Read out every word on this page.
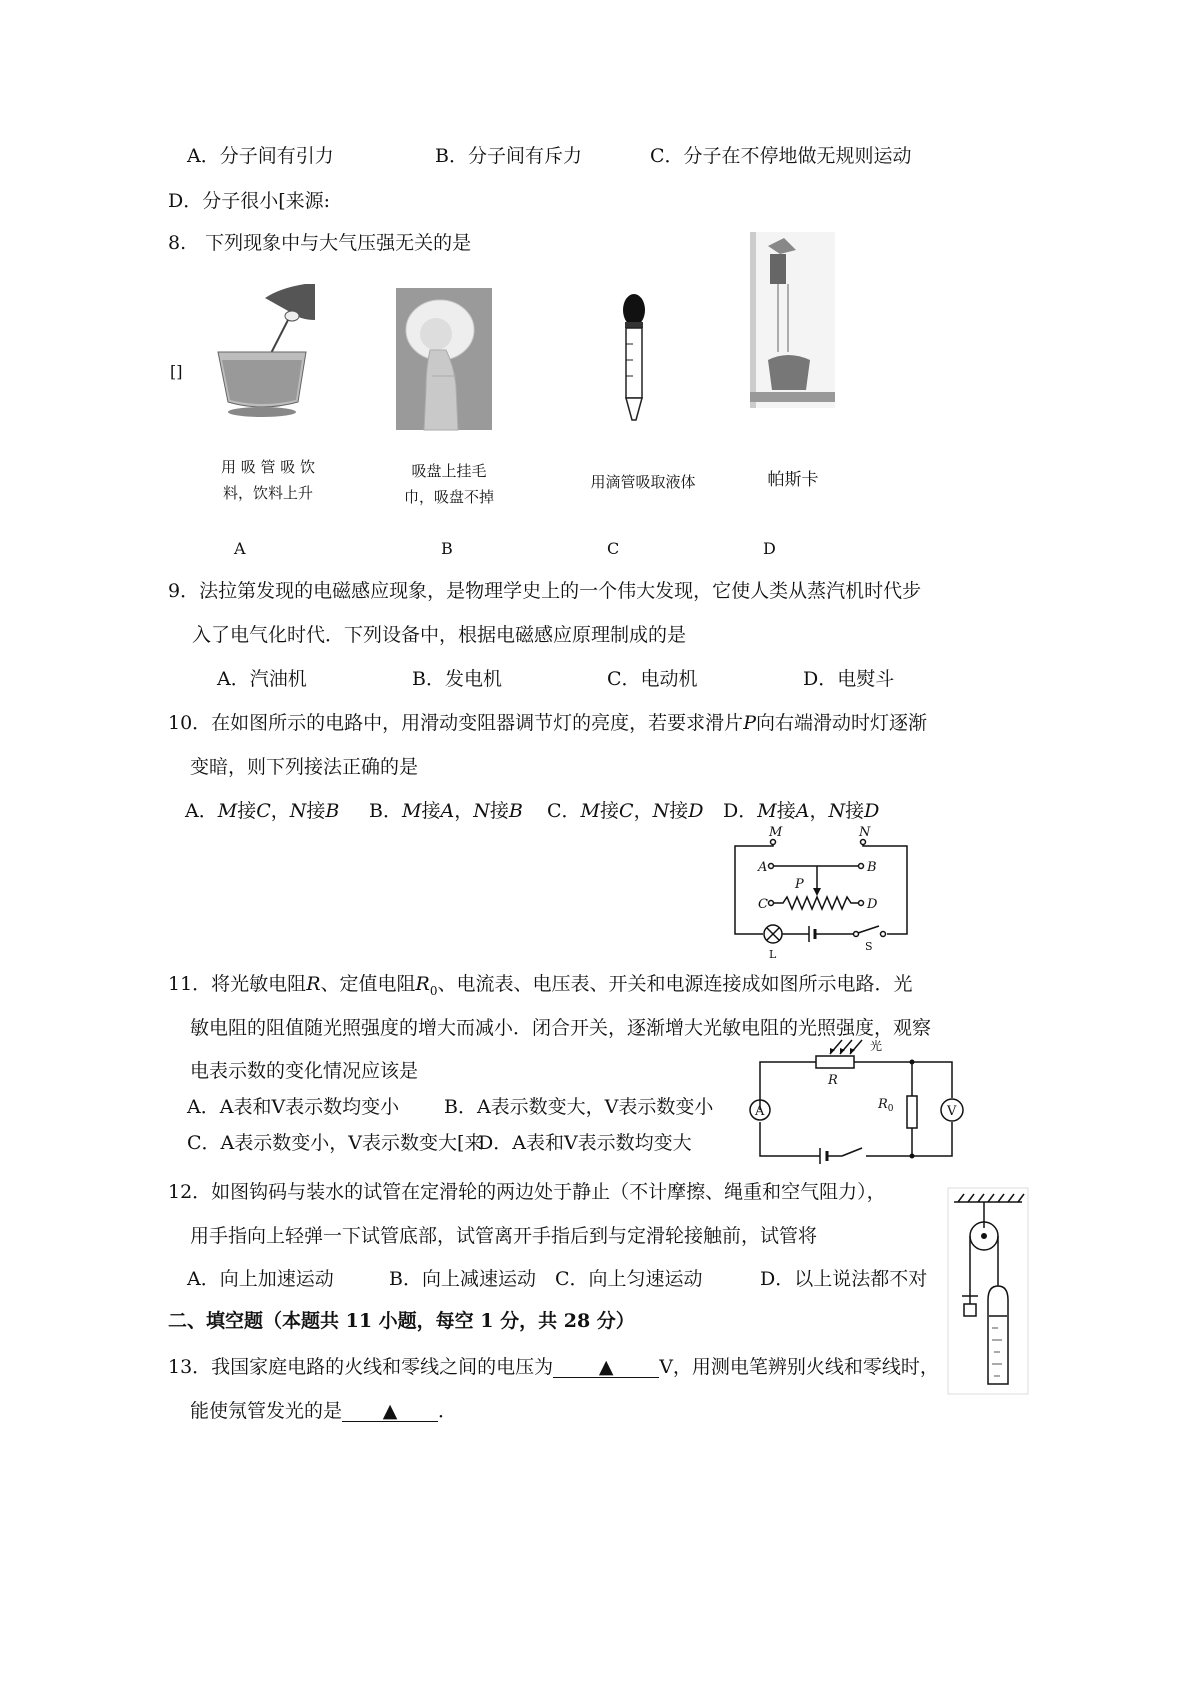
A．分子间有引力	B．分子间有斥力	C．分子在不停地做无规则运动
D．分子很小[来源:
8.　下列现象中与大气压强无关的是
[]
用 吸 管 吸 饮
料，饮料上升
吸盘上挂毛
巾，吸盘不掉
用滴管吸取液体	帕斯卡
A	B	C	D
9．法拉第发现的电磁感应现象，是物理学史上的一个伟大发现，它使人类从蒸汽机时代步
入了电气化时代．下列设备中，根据电磁感应原理制成的是
A．汽油机	B．发电机	C．电动机	D．电熨斗
10．在如图所示的电路中，用滑动变阻器调节灯的亮度，若要求滑片P向右端滑动时灯逐渐
变暗，则下列接法正确的是
A．M接C，N接B B．M接A，N接B C．M接C，N接D D．M接A，N接D
M	N
A	B
P
C	D
L
S
11．将光敏电阻R、定值电阻$R_0$、电流表、电压表、开关和电源连接成如图所示电路．光
敏电阻的阻值随光照强度的增大而减小．闭合开关，逐渐增大光敏电阻的光照强度，观察
电表示数的变化情况应该是
A．A表和V表示数均变小 B．A表示数变大，V表示数变小
C．A表示数变小，V表示数变大[来
D．A表和V表示数均变大
A	V
光
R
$R_0$
12．如图钩码与装水的试管在定滑轮的两边处于静止（不计摩擦、绳重和空气阻力），
用手指向上轻弹一下试管底部，试管离开手指后到与定滑轮接触前，试管将
A．向上加速运动	B．向上减速运动 C．向上匀速运动	D．以上说法都不对
二、填空题（本题共 11 小题，每空 1 分，共 28 分）
13．我国家庭电路的火线和零线之间的电压为 ▲ V，用测电笔辨别火线和零线时，
能使氖管发光的是 ▲ ．
